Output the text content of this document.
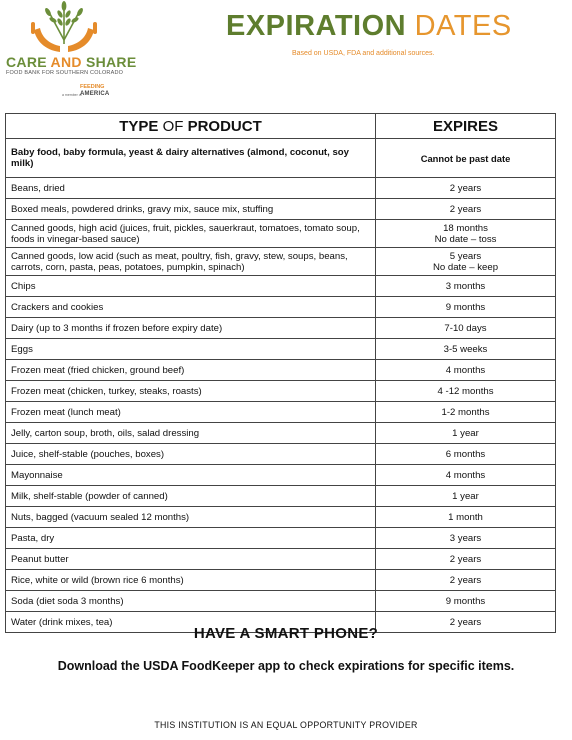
CARE AND SHARE
FOOD BANK FOR SOUTHERN COLORADO
a member of
FEEDING
AMERICA
EXPIRATION DATES
Based on USDA, FDA and additional sources.
TYPE OF PRODUCT	EXPIRES
Baby food, baby formula, yeast & dairy alternatives (almond, coconut, soy milk)	Cannot be past date

Beans, dried	2 years

Boxed meals, powdered drinks, gravy mix, sauce mix, stuffing	2 years

Canned goods, high acid (juices, fruit, pickles, sauerkraut, tomatoes, tomato soup, foods in vinegar-based sauce)	18 months
No date – toss

Canned goods, low acid (such as meat, poultry, fish, gravy, stew, soups, beans, carrots, corn, pasta, peas, potatoes, pumpkin, spinach)	5 years
No date – keep

Chips	3 months

Crackers and cookies	9 months

Dairy (up to 3 months if frozen before expiry date)	7-10 days

Eggs	3-5 weeks

Frozen meat (fried chicken, ground beef)	4 months

Frozen meat (chicken, turkey, steaks, roasts)	4 -12 months

Frozen meat (lunch meat)	1-2 months

Jelly, carton soup, broth, oils, salad dressing	1 year

Juice, shelf-stable (pouches, boxes)	6 months

Mayonnaise	4 months

Milk, shelf-stable (powder of canned)	1 year

Nuts, bagged (vacuum sealed 12 months)	1 month

Pasta, dry	3 years

Peanut butter	2 years

Rice, white or wild (brown rice 6 months)	2 years

Soda (diet soda 3 months)	9 months

Water (drink mixes, tea)	2 years
HAVE A SMART PHONE?
Download the USDA FoodKeeper app to check expirations for specific items.
THIS INSTITUTION IS AN EQUAL OPPORTUNITY PROVIDER
